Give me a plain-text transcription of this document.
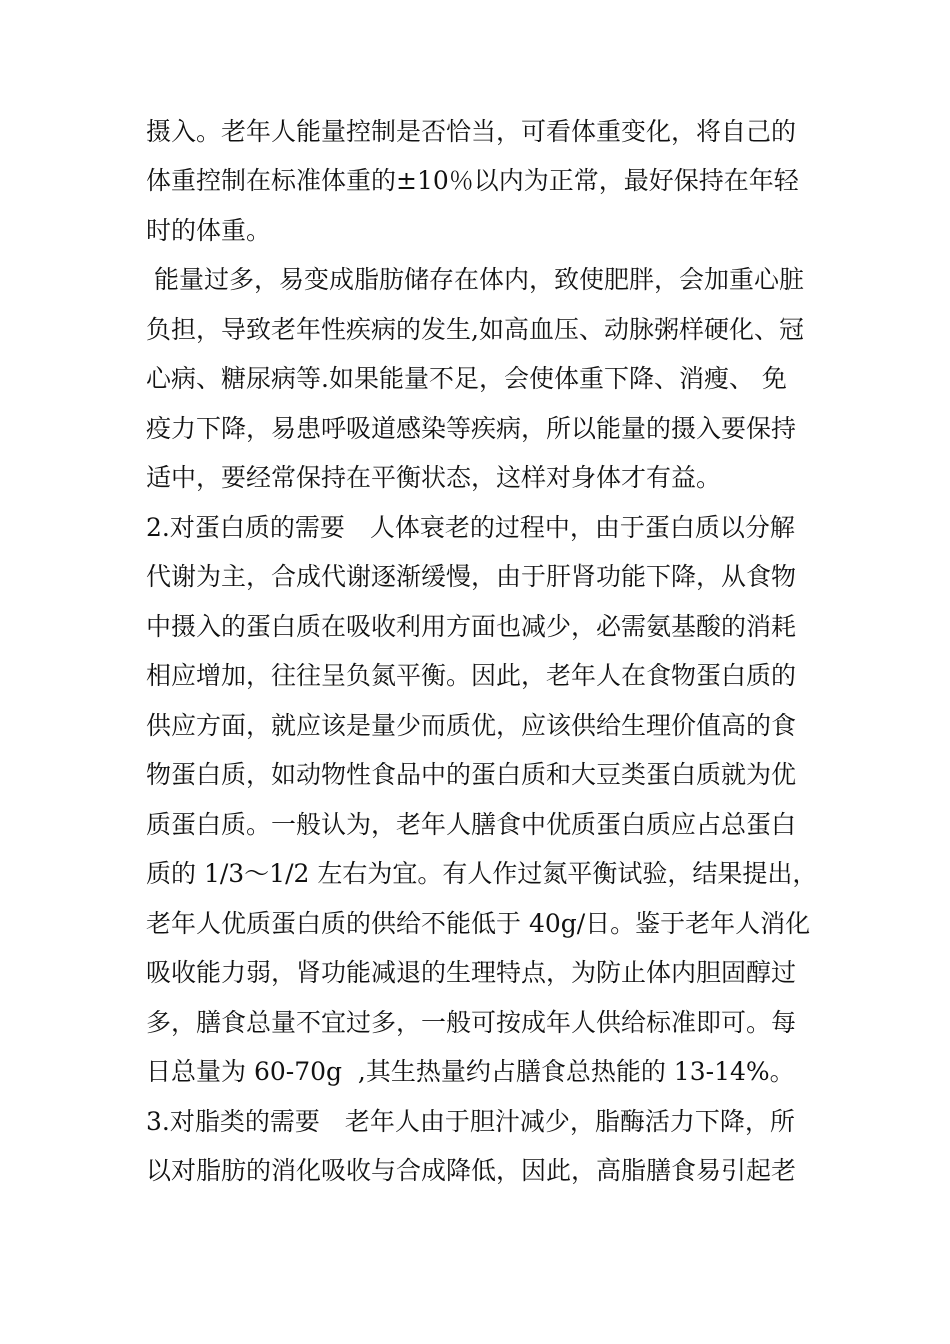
摄入。老年人能量控制是否恰当，可看体重变化，将自己的
体重控制在标准体重的±10％以内为正常，最好保持在年轻
时的体重。
能量过多，易变成脂肪储存在体内，致使肥胖，会加重心脏
负担，导致老年性疾病的发生,如高血压、动脉粥样硬化、冠
心病、糖尿病等.如果能量不足，会使体重下降、消瘦、 免
疫力下降，易患呼吸道感染等疾病，所以能量的摄入要保持
适中，要经常保持在平衡状态，这样对身体才有益。
2.对蛋白质的需要　人体衰老的过程中，由于蛋白质以分解
代谢为主，合成代谢逐渐缓慢，由于肝肾功能下降，从食物
中摄入的蛋白质在吸收利用方面也减少，必需氨基酸的消耗
相应增加，往往呈负氮平衡。因此，老年人在食物蛋白质的
供应方面，就应该是量少而质优，应该供给生理价值高的食
物蛋白质，如动物性食品中的蛋白质和大豆类蛋白质就为优
质蛋白质。一般认为，老年人膳食中优质蛋白质应占总蛋白
质的 1/3～1/2 左右为宜。有人作过氮平衡试验，结果提出，
老年人优质蛋白质的供给不能低于 40g/日。鉴于老年人消化
吸收能力弱，肾功能减退的生理特点，为防止体内胆固醇过
多，膳食总量不宜过多，一般可按成年人供给标准即可。每
日总量为 60-70g  ,其生热量约占膳食总热能的 13-14%。
3.对脂类的需要　老年人由于胆汁减少，脂酶活力下降，所
以对脂肪的消化吸收与合成降低，因此，高脂膳食易引起老
